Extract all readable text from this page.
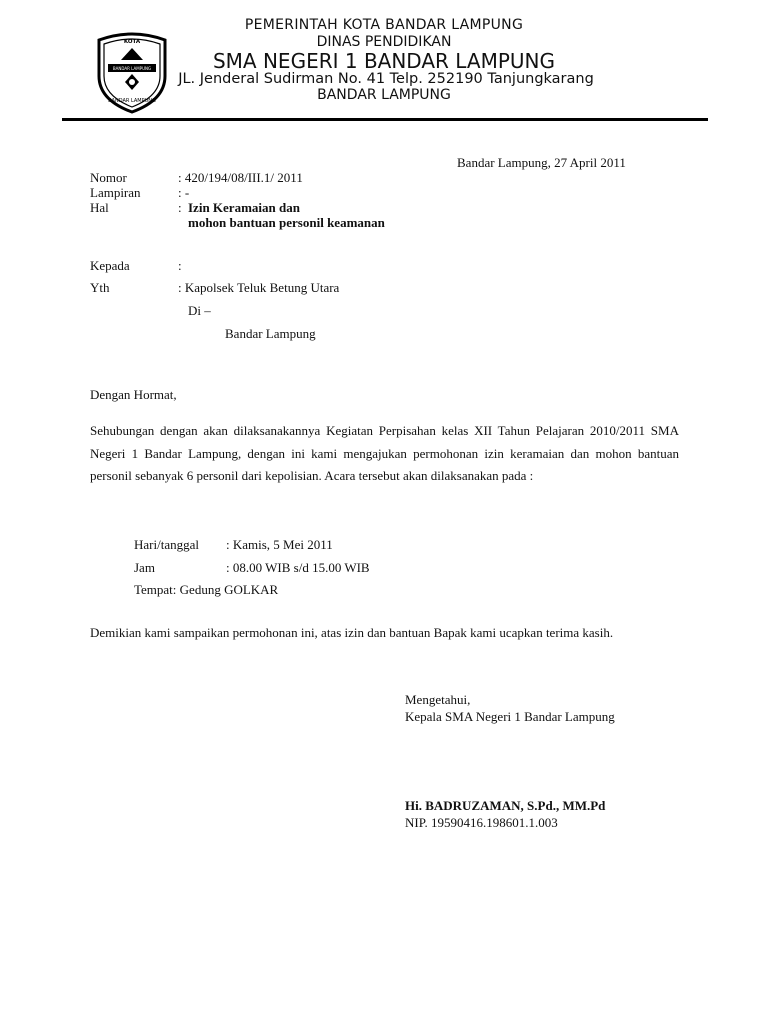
KOTA
BANDAR LAMPUNG
BANDAR LAMPUNG
PEMERINTAH KOTA BANDAR LAMPUNG
DINAS PENDIDIKAN
SMA NEGERI 1 BANDAR LAMPUNG
JL. Jenderal Sudirman No. 41 Telp. 252190 Tanjungkarang
BANDAR LAMPUNG
Bandar Lampung, 27 April 2011
Nomor	: 420/194/08/III.1/ 2011
Lampiran	: -
Hal	: Izin Keramaian dan
mohon bantuan personil keamanan
Kepada	:
Yth	: Kapolsek Teluk Betung Utara
Di –
Bandar Lampung
Dengan Hormat,
Sehubungan dengan akan dilaksanakannya Kegiatan Perpisahan kelas XII Tahun Pelajaran 2010/2011 SMA Negeri 1 Bandar Lampung, dengan ini kami mengajukan permohonan izin keramaian dan mohon bantuan personil sebanyak 6 personil dari kepolisian. Acara tersebut akan dilaksanakan pada :
Hari/tanggal : Kamis, 5 Mei 2011
Jam	: 08.00 WIB s/d 15.00 WIB
Tempat: Gedung GOLKAR
Demikian kami sampaikan permohonan ini, atas izin dan bantuan Bapak kami ucapkan terima kasih.
Mengetahui,
Kepala SMA Negeri 1 Bandar Lampung
Hi. BADRUZAMAN, S.Pd., MM.Pd
NIP. 19590416.198601.1.003
